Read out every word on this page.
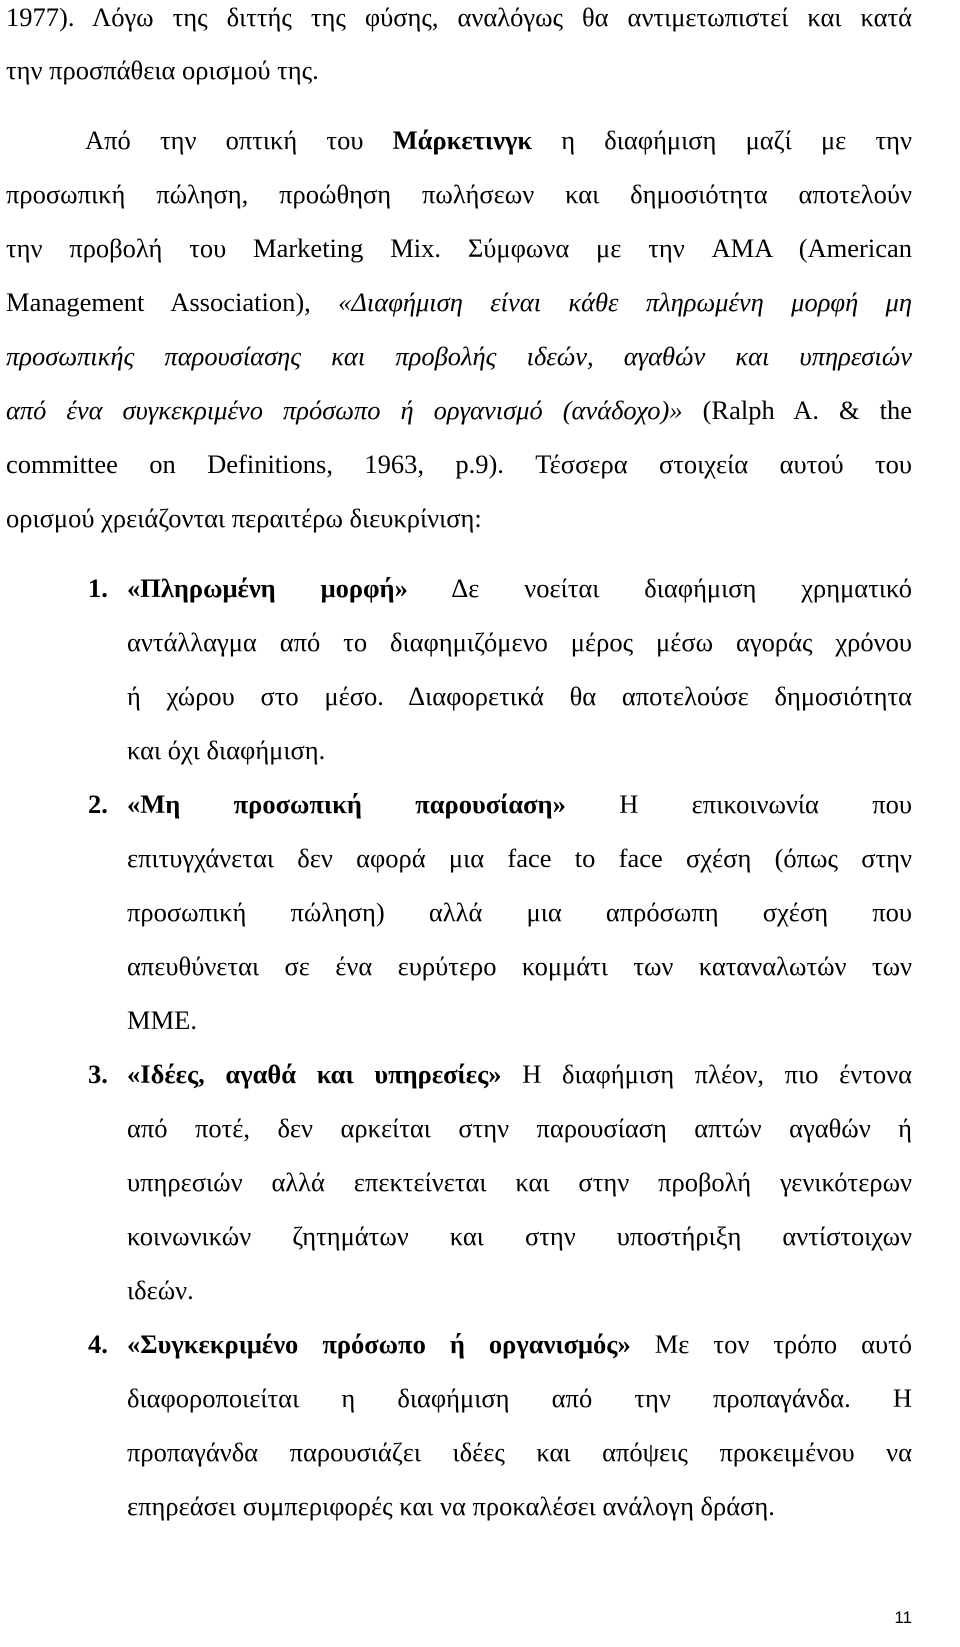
1977). Λόγω της διττής της φύσης, αναλόγως θα αντιμετωπιστεί και κατά
την προσπάθεια ορισμού της.
Από την οπτική του Μάρκετινγκ η διαφήμιση μαζί με την
προσωπική πώληση, προώθηση πωλήσεων και δημοσιότητα αποτελούν
την προβολή του Marketing Mix. Σύμφωνα με την AMA (American
Management Association), «Διαφήμιση είναι κάθε πληρωμένη μορφή μη
προσωπικής παρουσίασης και προβολής ιδεών, αγαθών και υπηρεσιών
από ένα συγκεκριμένο πρόσωπο ή οργανισμό (ανάδοχο)» (Ralph A. & the
committee on Definitions, 1963, p.9). Τέσσερα στοιχεία αυτού του
ορισμού χρειάζονται περαιτέρω διευκρίνιση:
1. «Πληρωμένη μορφή» Δε νοείται διαφήμιση χρηματικό
αντάλλαγμα από το διαφημιζόμενο μέρος μέσω αγοράς χρόνου
ή χώρου στο μέσο. Διαφορετικά θα αποτελούσε δημοσιότητα
και όχι διαφήμιση.
2. «Μη προσωπική παρουσίαση» Η επικοινωνία που
επιτυγχάνεται δεν αφορά μια face to face σχέση (όπως στην
προσωπική πώληση) αλλά μια απρόσωπη σχέση που
απευθύνεται σε ένα ευρύτερο κομμάτι των καταναλωτών των
ΜΜΕ.
3. «Ιδέες, αγαθά και υπηρεσίες» Η διαφήμιση πλέον, πιο έντονα
από ποτέ, δεν αρκείται στην παρουσίαση απτών αγαθών ή
υπηρεσιών αλλά επεκτείνεται και στην προβολή γενικότερων
κοινωνικών ζητημάτων και στην υποστήριξη αντίστοιχων
ιδεών.
4. «Συγκεκριμένο πρόσωπο ή οργανισμός» Με τον τρόπο αυτό
διαφοροποιείται η διαφήμιση από την προπαγάνδα. Η
προπαγάνδα παρουσιάζει ιδέες και απόψεις προκειμένου να
επηρεάσει συμπεριφορές και να προκαλέσει ανάλογη δράση.
11
